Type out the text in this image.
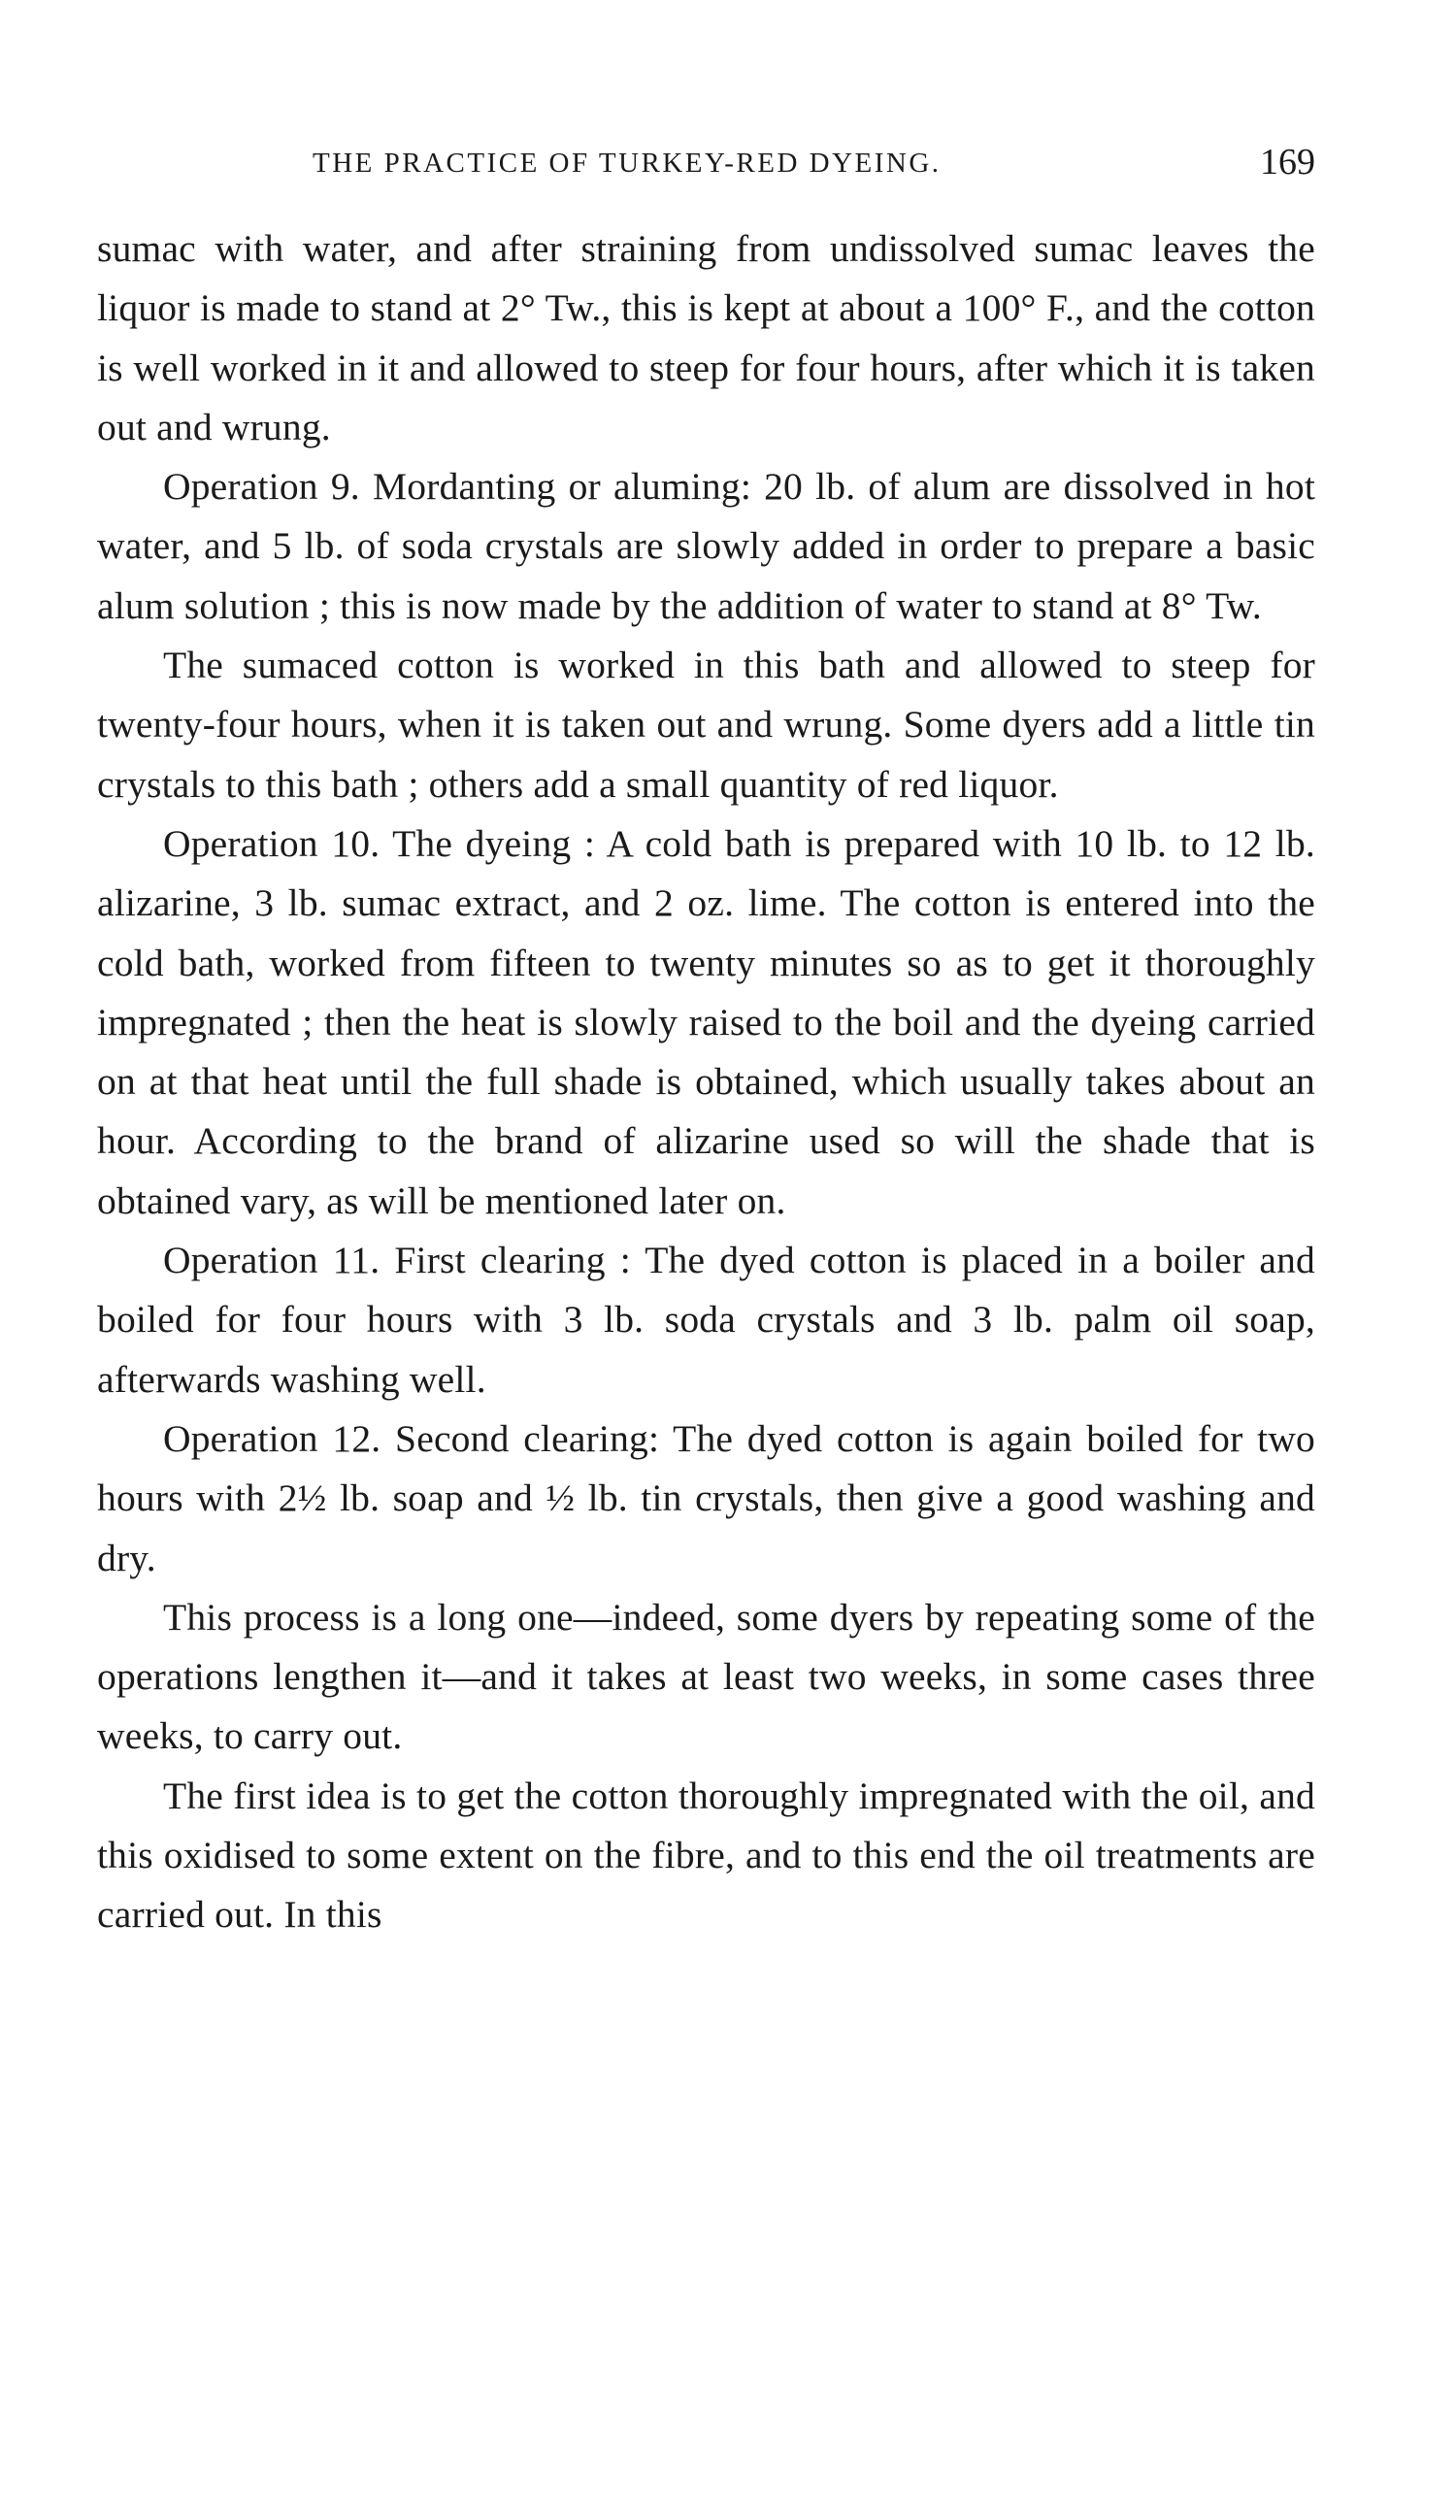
THE PRACTICE OF TURKEY-RED DYEING.	169

sumac with water, and after straining from undissolved sumac leaves the liquor is made to stand at 2° Tw., this is kept at about a 100° F., and the cotton is well worked in it and allowed to steep for four hours, after which it is taken out and wrung.

Operation 9. Mordanting or aluming: 20 lb. of alum are dissolved in hot water, and 5 lb. of soda crystals are slowly added in order to prepare a basic alum solution ; this is now made by the addition of water to stand at 8° Tw.

The sumaced cotton is worked in this bath and allowed to steep for twenty-four hours, when it is taken out and wrung. Some dyers add a little tin crystals to this bath ; others add a small quantity of red liquor.

Operation 10. The dyeing : A cold bath is prepared with 10 lb. to 12 lb. alizarine, 3 lb. sumac extract, and 2 oz. lime. The cotton is entered into the cold bath, worked from fifteen to twenty minutes so as to get it thoroughly impregnated ; then the heat is slowly raised to the boil and the dyeing carried on at that heat until the full shade is obtained, which usually takes about an hour. According to the brand of alizarine used so will the shade that is obtained vary, as will be mentioned later on.

Operation 11. First clearing : The dyed cotton is placed in a boiler and boiled for four hours with 3 lb. soda crystals and 3 lb. palm oil soap, afterwards washing well.

Operation 12. Second clearing: The dyed cotton is again boiled for two hours with 2½ lb. soap and ½ lb. tin crystals, then give a good washing and dry.

This process is a long one—indeed, some dyers by repeating some of the operations lengthen it—and it takes at least two weeks, in some cases three weeks, to carry out.

The first idea is to get the cotton thoroughly impregnated with the oil, and this oxidised to some extent on the fibre, and to this end the oil treatments are carried out. In this
